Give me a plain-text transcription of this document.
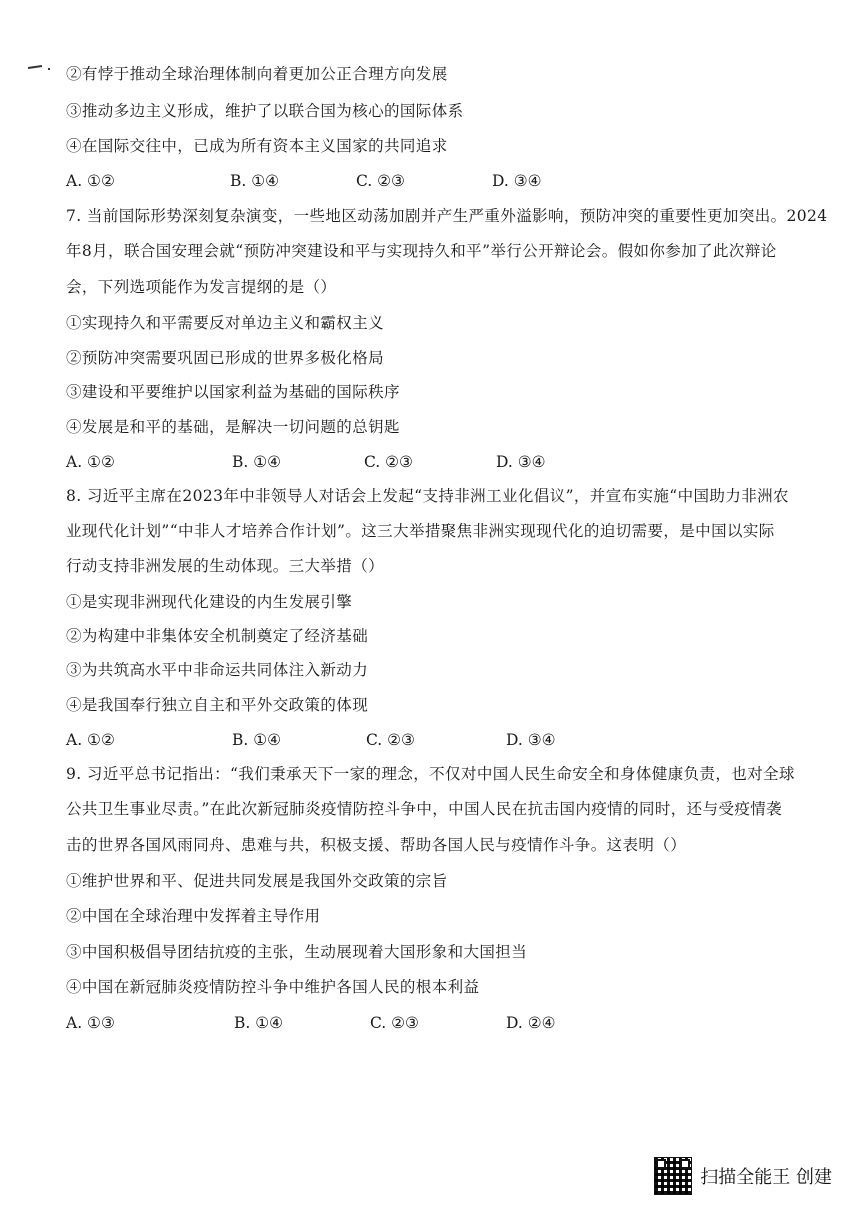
②有悖于推动全球治理体制向着更加公正合理方向发展
③推动多边主义形成，维护了以联合国为核心的国际体系
④在国际交往中，已成为所有资本主义国家的共同追求
A. ①②	B. ①④	C. ②③	D. ③④
7. 当前国际形势深刻复杂演变，一些地区动荡加剧并产生严重外溢影响，预防冲突的重要性更加突出。2024
年8月，联合国安理会就“预防冲突建设和平与实现持久和平”举行公开辩论会。假如你参加了此次辩论
会，下列选项能作为发言提纲的是（）
①实现持久和平需要反对单边主义和霸权主义
②预防冲突需要巩固已形成的世界多极化格局
③建设和平要维护以国家利益为基础的国际秩序
④发展是和平的基础，是解决一切问题的总钥匙
A. ①②	B. ①④	C. ②③	D. ③④
8. 习近平主席在2023年中非领导人对话会上发起“支持非洲工业化倡议”，并宣布实施“中国助力非洲农
业现代化计划”“中非人才培养合作计划”。这三大举措聚焦非洲实现现代化的迫切需要，是中国以实际
行动支持非洲发展的生动体现。三大举措（）
①是实现非洲现代化建设的内生发展引擎
②为构建中非集体安全机制奠定了经济基础
③为共筑高水平中非命运共同体注入新动力
④是我国奉行独立自主和平外交政策的体现
A. ①②	B. ①④	C. ②③	D. ③④
9. 习近平总书记指出：“我们秉承天下一家的理念，不仅对中国人民生命安全和身体健康负责，也对全球
公共卫生事业尽责。”在此次新冠肺炎疫情防控斗争中，中国人民在抗击国内疫情的同时，还与受疫情袭
击的世界各国风雨同舟、患难与共，积极支援、帮助各国人民与疫情作斗争。这表明（）
①维护世界和平、促进共同发展是我国外交政策的宗旨
②中国在全球治理中发挥着主导作用
③中国积极倡导团结抗疫的主张，生动展现着大国形象和大国担当
④中国在新冠肺炎疫情防控斗争中维护各国人民的根本利益
A. ①③	B. ①④	C. ②③	D. ②④
扫描全能王 创建
